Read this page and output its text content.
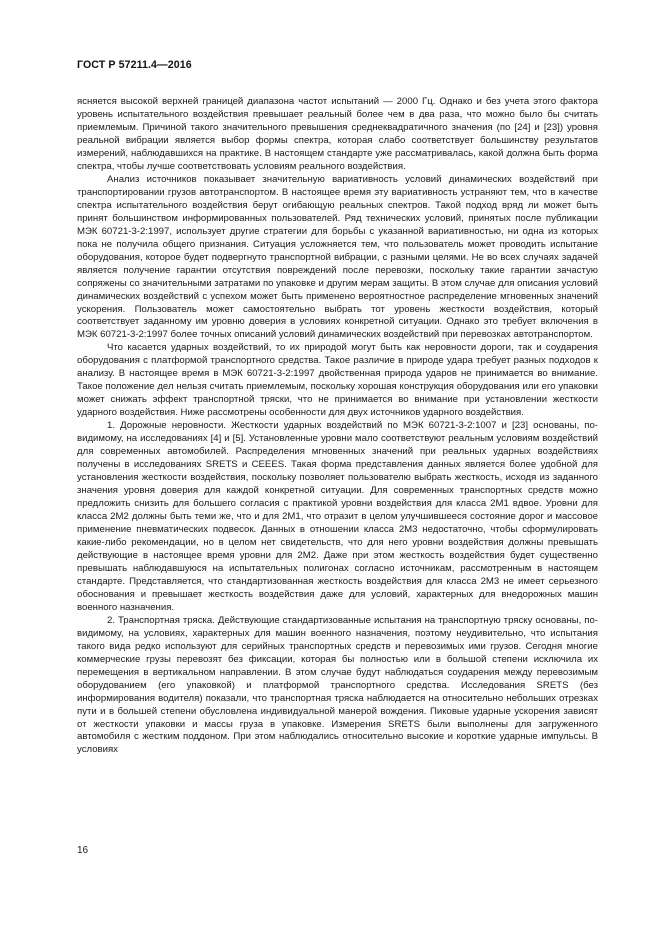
ГОСТ Р 57211.4—2016

ясняется высокой верхней границей диапазона частот испытаний — 2000 Гц. Однако и без учета этого фактора уровень испытательного воздействия превышает реальный более чем в два раза, что можно было бы считать приемлемым. Причиной такого значительного превышения среднеквадратичного значения (по [24] и [23]) уровня реальной вибрации является выбор формы спектра, которая слабо соответствует большинству результатов измерений, наблюдавшихся на практике. В настоящем стандарте уже рассматривалась, какой должна быть форма спектра, чтобы лучше соответствовать условиям реального воздействия.

Анализ источников показывает значительную вариативность условий динамических воздействий при транспортировании грузов автотранспортом. В настоящее время эту вариативность устраняют тем, что в качестве спектра испытательного воздействия берут огибающую реальных спектров. Такой подход вряд ли может быть принят большинством информированных пользователей. Ряд технических условий, принятых после публикации МЭК 60721-3-2:1997, использует другие стратегии для борьбы с указанной вариативностью, ни одна из которых пока не получила общего признания. Ситуация усложняется тем, что пользователь может проводить испытание оборудования, которое будет подвергнуто транспортной вибрации, с разными целями. Не во всех случаях задачей является получение гарантии отсутствия повреждений после перевозки, поскольку такие гарантии зачастую сопряжены со значительными затратами по упаковке и другим мерам защиты. В этом случае для описания условий динамических воздействий с успехом может быть применено вероятностное распределение мгновенных значений ускорения. Пользователь может самостоятельно выбрать тот уровень жесткости воздействия, который соответствует заданному им уровню доверия в условиях конкретной ситуации. Однако это требует включения в МЭК 60721-3-2:1997 более точных описаний условий динамических воздействий при перевозках автотранспортом.

Что касается ударных воздействий, то их природой могут быть как неровности дороги, так и соударения оборудования с платформой транспортного средства. Такое различие в природе удара требует разных подходов к анализу. В настоящее время в МЭК 60721-3-2:1997 двойственная природа ударов не принимается во внимание. Такое положение дел нельзя считать приемлемым, поскольку хорошая конструкция оборудования или его упаковки может снижать эффект транспортной тряски, что не принимается во внимание при установлении жесткости ударного воздействия. Ниже рассмотрены особенности для двух источников ударного воздействия.

1. Дорожные неровности. Жесткости ударных воздействий по МЭК 60721-3-2:1007 и [23] основаны, по-видимому, на исследованиях [4] и [5]. Установленные уровни мало соответствуют реальным условиям воздействий для современных автомобилей. Распределения мгновенных значений при реальных ударных воздействиях получены в исследованиях SRETS и CEEES. Такая форма представления данных является более удобной для установления жесткости воздействия, поскольку позволяет пользователю выбрать жесткость, исходя из заданного значения уровня доверия для каждой конкретной ситуации. Для современных транспортных средств можно предложить снизить для большего согласия с практикой уровни воздействия для класса 2М1 вдвое. Уровни для класса 2М2 должны быть теми же, что и для 2М1, что отразит в целом улучшившееся состояние дорог и массовое применение пневматических подвесок. Данных в отношении класса 2М3 недостаточно, чтобы сформулировать какие-либо рекомендации, но в целом нет свидетельств, что для него уровни воздействия должны превышать действующие в настоящее время уровни для 2М2. Даже при этом жесткость воздействия будет существенно превышать наблюдавшуюся на испытательных полигонах согласно источникам, рассмотренным в настоящем стандарте. Представляется, что стандартизованная жесткость воздействия для класса 2М3 не имеет серьезного обоснования и превышает жесткость воздействия даже для условий, характерных для внедорожных машин военного назначения.

2. Транспортная тряска. Действующие стандартизованные испытания на транспортную тряску основаны, по-видимому, на условиях, характерных для машин военного назначения, поэтому неудивительно, что испытания такого вида редко используют для серийных транспортных средств и перевозимых ими грузов. Сегодня многие коммерческие грузы перевозят без фиксации, которая бы полностью или в большой степени исключила их перемещения в вертикальном направлении. В этом случае будут наблюдаться соударения между перевозимым оборудованием (его упаковкой) и платформой транспортного средства. Исследования SRETS (без информирования водителя) показали, что транспортная тряска наблюдается на относительно небольших отрезках пути и в большей степени обусловлена индивидуальной манерой вождения. Пиковые ударные ускорения зависят от жесткости упаковки и массы груза в упаковке. Измерения SRETS были выполнены для загруженного автомобиля с жестким поддоном. При этом наблюдались относительно высокие и короткие ударные импульсы. В условиях

16
